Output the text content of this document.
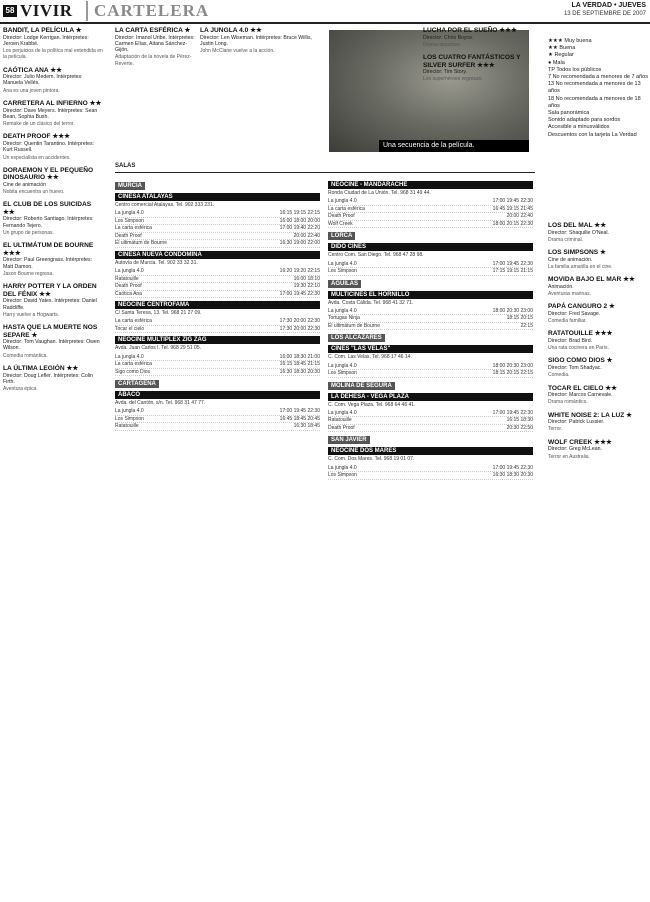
58 VIVIR	CARTELERA	LA VERDAD • JUEVES
13 DE SEPTIEMBRE DE 2007
BANDIT, LA PELÍCULA ★
Director: Lodge Kerrigan. Intérpretes: Jeroen Krabbé.
Los perjuicios de la política mal entendida en la película.
CAÓTICA ANA ★★
Director: Julio Medem. Intérpretes: Manuela Vellés.
Ana es una joven pintora.
CARRETERA AL INFIERNO ★★
Director: Dave Meyers. Intérpretes: Sean Bean, Sophia Bush.
Remake de un clásico del terror.
DEATH PROOF ★★★
Director: Quentin Tarantino. Intérpretes: Kurt Russell.
Un especialista en accidentes.
DORAEMON Y EL PEQUEÑO DINOSAURIO ★★
Cine de animación
Nobita encuentra un huevo.
EL CLUB DE LOS SUICIDAS ★★
Director: Roberto Santiago. Intérpretes: Fernando Tejero.
Un grupo de personas.
EL ULTIMÁTUM DE BOURNE ★★★
Director: Paul Greengrass. Intérpretes: Matt Damon.
Jason Bourne regresa.
HARRY POTTER Y LA ORDEN DEL FÉNIX ★★
Director: David Yates. Intérpretes: Daniel Radcliffe.
Harry vuelve a Hogwarts.
HASTA QUE LA MUERTE NOS SEPARE ★
Director: Tom Vaughan. Intérpretes: Owen Wilson.
Comedia romántica.
LA ÚLTIMA LEGIÓN ★★
Director: Doug Lefler. Intérpretes: Colin Firth.
Aventura épica.
LA CARTA ESFÉRICA ★
Director: Imanol Uribe. Intérpretes: Carmen Elías, Aitana Sánchez-Gijón.
Adaptación de la novela de Pérez-Reverte.
LA JUNGLA 4.0 ★★
Director: Len Wiseman. Intérpretes: Bruce Willis, Justin Long.
John McClane vuelve a la acción.
Una secuencia de la película.
LUCHA POR EL SUEÑO ★★★
Director: Chris Boyce.
Drama deportivo.
LOS CUATRO FANTÁSTICOS Y SILVER SURFER ★★★
Director: Tim Story.
Los superhéroes regresan.
★★★ Muy buena
★★ Buena
★ Regular
● Mala
TP Todos los públicos
7 No recomendada a menores de 7 años
13 No recomendada a menores de 13 años
18 No recomendada a menores de 18 años
Sala panorámica
Sonido adaptado para sordos
Accesible a minusválidos
Descuentos con la tarjeta La Verdad
SALAS
MURCIA
CINESA ATALAYAS
Centro comercial Atalayas. Tel. 902 333 231.
La jungla 4.0	16:15 19:15 22:15
Los Simpson	16:00 18:00 20:00
La carta esférica	17:00 19:40 22:20
Death Proof	20:00 22:40
El ultimátum de Bourne	16:30 19:00 22:00
CINESA NUEVA CONDOMINA
Autovía de Murcia. Tel. 902 33 32 31.
La jungla 4.0	16:20 19:20 22:15
Ratatouille	16:00 18:10
Death Proof	19:30 22:10
Caótica Ana	17:00 19:45 22:30
NEOCINE CENTROFAMA
C/ Santa Teresa, 13. Tel. 968 21 27 09.
La carta esférica	17:30 20:00 22:30
Tocar el cielo	17:30 20:00 22:30
NEOCINE MÚLTIPLEX ZIG ZAG
Avda. Juan Carlos I. Tel. 968 29 51 05.
La jungla 4.0	16:00 18:30 21:00
La carta esférica	16:15 18:45 21:15
Sigo como Dios	16:30 18:30 20:30
CARTAGENA
ÁBACO
Avda. del Cantón, s/n. Tel. 968 31 47 77.
La jungla 4.0	17:00 19:45 22:30
Los Simpson	16:45 18:45 20:45
Ratatouille	16:30 18:45
NEOCINE - MANDARACHE
Ronda Ciudad de La Unión. Tel. 968 31 49 44.
La jungla 4.0	17:00 19:45 22:30
La carta esférica	16:45 19:15 21:45
Death Proof	20:00 22:40
Wolf Creek	18:00 20:15 22:30
LORCA
DIDO CINES
Centro Com. San Diego. Tel. 968 47 28 98.
La jungla 4.0	17:00 19:45 22:30
Los Simpson	17:15 19:15 21:15
ÁGUILAS
MULTICINES EL HORNILLO
Avda. Costa Cálida. Tel. 968 41 32 71.
La jungla 4.0	18:00 20:30 23:00
Tortugas Ninja	18:15 20:15
El ultimátum de Bourne	22:15
LOS ALCÁZARES
CINES "LAS VELAS"
C. Com. Las Velas. Tel. 968 17 46 14.
La jungla 4.0	18:00 20:30 23:00
Los Simpson	18:15 20:15 22:15
MOLINA DE SEGURA
LA DEHESA - VEGA PLAZA
C. Com. Vega Plaza. Tel. 968 64 46 41.
La jungla 4.0	17:00 19:45 22:30
Ratatouille	16:15 18:30
Death Proof	20:30 22:50
SAN JAVIER
NEOCINE DOS MARES
C. Com. Dos Mares. Tel. 968 19 01 07.
La jungla 4.0	17:00 19:45 22:30
Los Simpson	16:30 18:30 20:30
LOS DEL MAL ★★
Director: Shaquille O'Neal.
Drama criminal.
LOS SIMPSONS ★
Cine de animación.
La familia amarilla en el cine.
MOVIDA BAJO EL MAR ★★
Animación.
Aventuras marinas.
PAPÁ CANGURO 2 ★
Director: Fred Savage.
Comedia familiar.
RATATOUILLE ★★★
Director: Brad Bird.
Una rata cocinera en París.
SIGO COMO DIOS ★
Director: Tom Shadyac.
Comedia.
TOCAR EL CIELO ★★
Director: Marcos Carnevale.
Drama romántico.
WHITE NOISE 2: LA LUZ ★
Director: Patrick Lussier.
Terror.
WOLF CREEK ★★★
Director: Greg McLean.
Terror en Australia.
